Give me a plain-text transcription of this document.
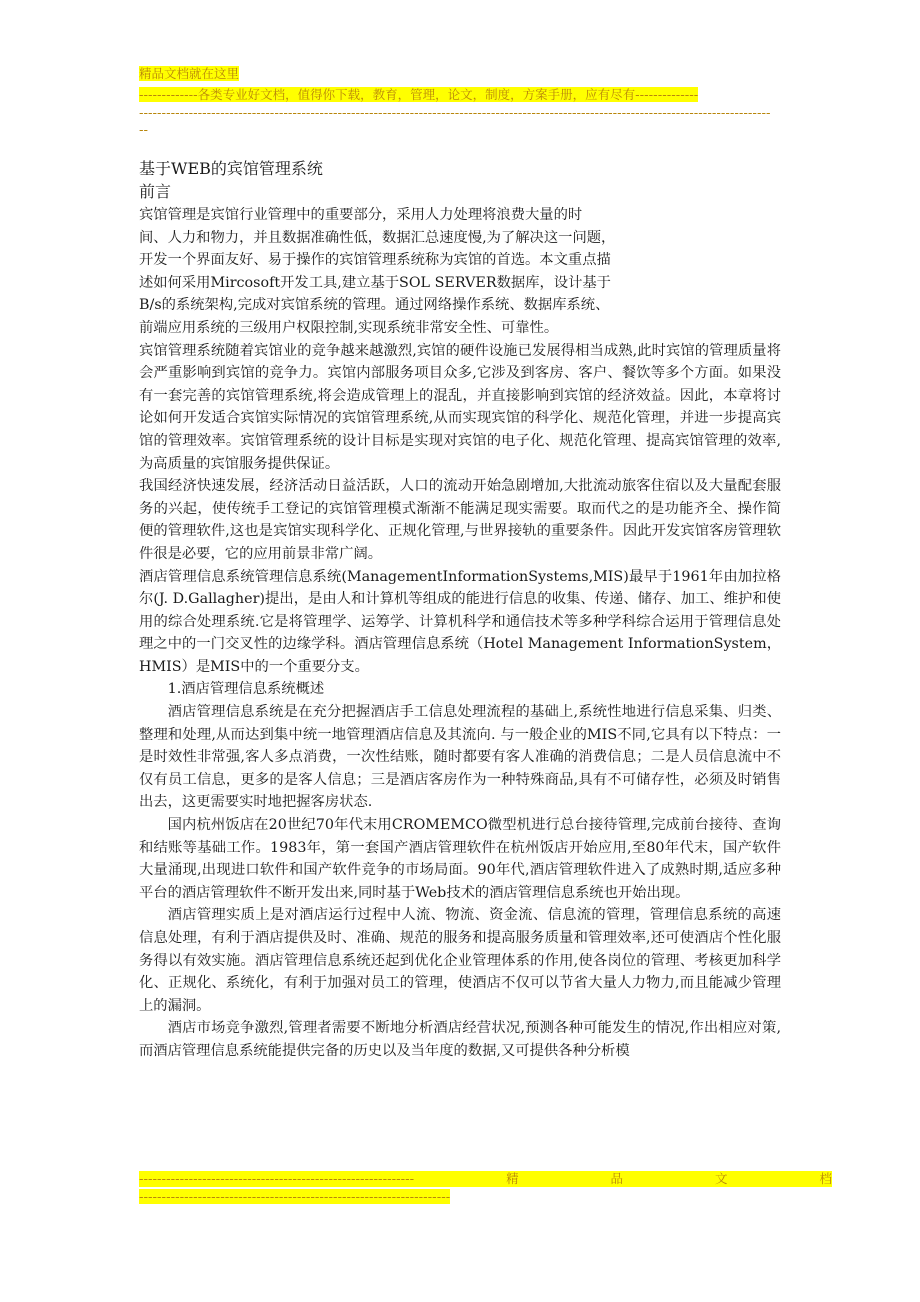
精品文档就在这里
-------------各类专业好文档，值得你下载，教育，管理，论文，制度，方案手册，应有尽有--------------
--------------------------------------------------------------------------------------------------------------------------------------------
--

基于WEB的宾馆管理系统

前言

宾馆管理是宾馆行业管理中的重要部分，采用人力处理将浪费大量的时
间、人力和物力，并且数据准确性低，数据汇总速度慢,为了解决这一问题，
开发一个界面友好、易于操作的宾馆管理系统称为宾馆的首选。本文重点描
述如何采用Mircosoft开发工具,建立基于SOL SERVER数据库，设计基于
B/s的系统架构,完成对宾馆系统的管理。通过网络操作系统、数据库系统、
前端应用系统的三级用户权限控制,实现系统非常安全性、可靠性。

宾馆管理系统随着宾馆业的竞争越来越激烈,宾馆的硬件设施已发展得相当成熟,此时宾馆的管理质量将会严重影响到宾馆的竞争力。宾馆内部服务项目众多,它涉及到客房、客户、餐饮等多个方面。如果没有一套完善的宾馆管理系统,将会造成管理上的混乱，并直接影响到宾馆的经济效益。因此，本章将讨论如何开发适合宾馆实际情况的宾馆管理系统,从而实现宾馆的科学化、规范化管理，并进一步提高宾馆的管理效率。宾馆管理系统的设计目标是实现对宾馆的电子化、规范化管理、提高宾馆管理的效率,为高质量的宾馆服务提供保证。

我国经济快速发展，经济活动日益活跃，人口的流动开始急剧增加,大批流动旅客住宿以及大量配套服务的兴起，使传统手工登记的宾馆管理模式渐渐不能满足现实需要。取而代之的是功能齐全、操作简便的管理软件,这也是宾馆实现科学化、正规化管理,与世界接轨的重要条件。因此开发宾馆客房管理软件很是必要，它的应用前景非常广阔。

酒店管理信息系统管理信息系统(ManagementInformationSystems,MIS)最早于1961年由加拉格尔(J. D.Gallagher)提出，是由人和计算机等组成的能进行信息的收集、传递、储存、加工、维护和使用的综合处理系统.它是将管理学、运筹学、计算机科学和通信技术等多种学科综合运用于管理信息处理之中的一门交叉性的边缘学科。酒店管理信息系统（Hotel Management InformationSystem，HMIS）是MIS中的一个重要分支。

1.酒店管理信息系统概述

酒店管理信息系统是在充分把握酒店手工信息处理流程的基础上,系统性地进行信息采集、归类、整理和处理,从而达到集中统一地管理酒店信息及其流向. 与一般企业的MIS不同,它具有以下特点：一是时效性非常强,客人多点消费，一次性结账，随时都要有客人准确的消费信息；二是人员信息流中不仅有员工信息，更多的是客人信息；三是酒店客房作为一种特殊商品,具有不可储存性，必须及时销售出去，这更需要实时地把握客房状态.

国内杭州饭店在20世纪70年代末用CROMEMCO微型机进行总台接待管理,完成前台接待、查询和结账等基础工作。1983年，第一套国产酒店管理软件在杭州饭店开始应用,至80年代末，国产软件大量涌现,出现进口软件和国产软件竞争的市场局面。90年代,酒店管理软件进入了成熟时期,适应多种平台的酒店管理软件不断开发出来,同时基于Web技术的酒店管理信息系统也开始出现。

酒店管理实质上是对酒店运行过程中人流、物流、资金流、信息流的管理，管理信息系统的高速信息处理，有利于酒店提供及时、准确、规范的服务和提高服务质量和管理效率,还可使酒店个性化服务得以有效实施。酒店管理信息系统还起到优化企业管理体系的作用,使各岗位的管理、考核更加科学化、正规化、系统化，有利于加强对员工的管理，使酒店不仅可以节省大量人力物力,而且能减少管理上的漏洞。

酒店市场竞争激烈,管理者需要不断地分析酒店经营状况,预测各种可能发生的情况,作出相应对策,而酒店管理信息系统能提供完备的历史以及当年度的数据,又可提供各种分析模

-------------------------------------------------------------	精	品	文	档
---------------------------------------------------------------------
